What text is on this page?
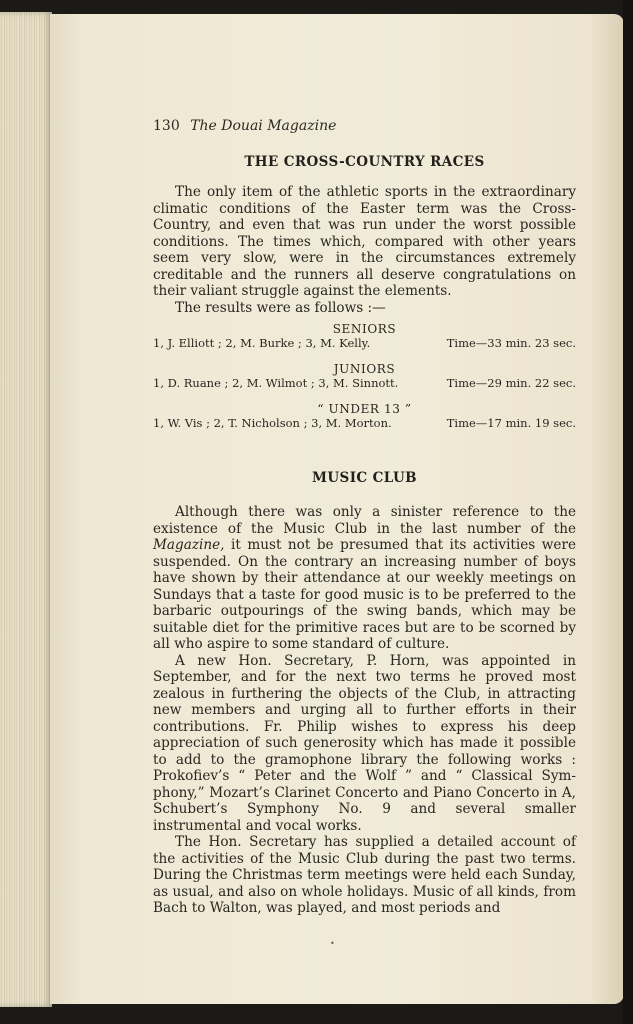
130 The Douai Magazine
THE CROSS-COUNTRY RACES

The only item of the athletic sports in the extraordinary climatic conditions of the Easter term was the Cross-Country, and even that was run under the worst possible conditions. The times which, compared with other years seem very slow, were in the circumstances extremely creditable and the runners all deserve congratulations on their valiant struggle against the elements.

The results were as follows :—

SENIORS
1, J. Elliott ; 2, M. Burke ; 3, M. Kelly.	Time—33 min. 23 sec.
JUNIORS
1, D. Ruane ; 2, M. Wilmot ; 3, M. Sinnott.	Time—29 min. 22 sec.
“ UNDER 13 ”
1, W. Vis ; 2, T. Nicholson ; 3, M. Morton.	Time—17 min. 19 sec.
MUSIC CLUB

Although there was only a sinister reference to the existence of the Music Club in the last number of the Magazine, it must not be presumed that its activities were suspended. On the contrary an increasing number of boys have shown by their attendance at our weekly meetings on Sundays that a taste for good music is to be preferred to the barbaric outpourings of the swing bands, which may be suitable diet for the primitive races but are to be scorned by all who aspire to some standard of culture.

A new Hon. Secretary, P. Horn, was appointed in September, and for the next two terms he proved most zealous in furthering the objects of the Club, in attracting new members and urging all to further efforts in their contributions. Fr. Philip wishes to express his deep appreciation of such generosity which has made it possible to add to the gramophone library the following works : Prokofiev’s “ Peter and the Wolf ” and “ Classical Sym-phony,” Mozart’s Clarinet Concerto and Piano Concerto in A, Schubert’s Symphony No. 9 and several smaller instrumental and vocal works.

The Hon. Secretary has supplied a detailed account of the activities of the Music Club during the past two terms. During the Christmas term meetings were held each Sunday, as usual, and also on whole holidays. Music of all kinds, from Bach to Walton, was played, and most periods and

•
